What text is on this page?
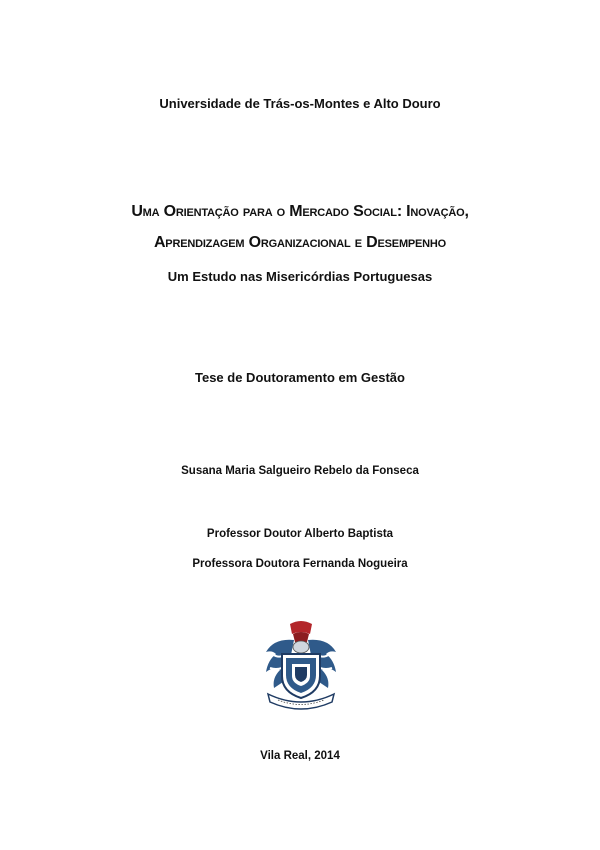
Universidade de Trás-os-Montes e Alto Douro
Uma Orientação para o Mercado Social: Inovação,
Aprendizagem Organizacional e Desempenho
Um Estudo nas Misericórdias Portuguesas
Tese de Doutoramento em Gestão
Susana Maria Salgueiro Rebelo da Fonseca
Professor Doutor Alberto Baptista
Professora Doutora Fernanda Nogueira
Vila Real, 2014
